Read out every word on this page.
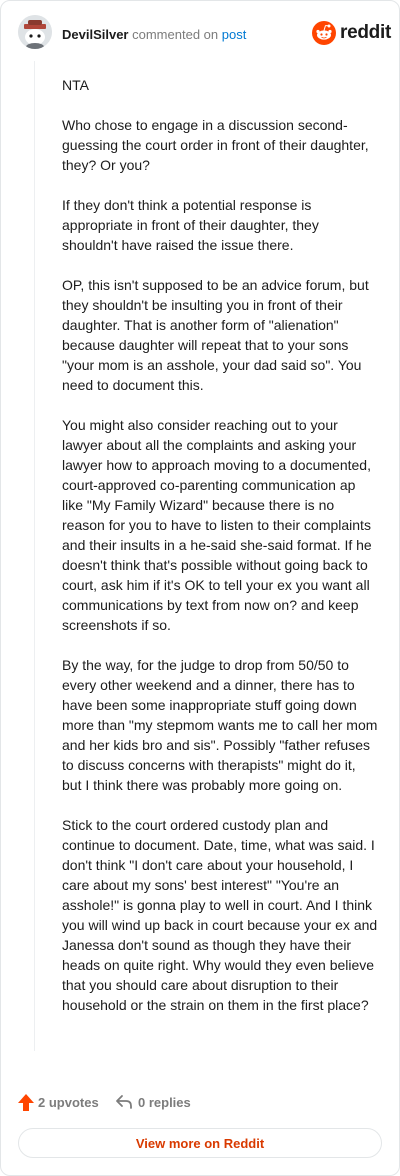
DevilSilver commented on post	reddit

NTA

Who chose to engage in a discussion second-guessing the court order in front of their daughter, they? Or you?

If they don't think a potential response is appropriate in front of their daughter, they shouldn't have raised the issue there.

OP, this isn't supposed to be an advice forum, but they shouldn't be insulting you in front of their daughter. That is another form of "alienation" because daughter will repeat that to your sons "your mom is an asshole, your dad said so". You need to document this.

You might also consider reaching out to your lawyer about all the complaints and asking your lawyer how to approach moving to a documented, court-approved co-parenting communication ap like "My Family Wizard" because there is no reason for you to have to listen to their complaints and their insults in a he-said she-said format. If he doesn't think that's possible without going back to court, ask him if it's OK to tell your ex you want all communications by text from now on? and keep screenshots if so.

By the way, for the judge to drop from 50/50 to every other weekend and a dinner, there has to have been some inappropriate stuff going down more than "my stepmom wants me to call her mom and her kids bro and sis". Possibly "father refuses to discuss concerns with therapists" might do it, but I think there was probably more going on.

Stick to the court ordered custody plan and continue to document. Date, time, what was said. I don't think "I don't care about your household, I care about my sons' best interest" "You're an asshole!" is gonna play to well in court. And I think you will wind up back in court because your ex and Janessa don't sound as though they have their heads on quite right. Why would they even believe that you should care about disruption to their household or the strain on them in the first place?

2 upvotes	0 replies
View more on Reddit
